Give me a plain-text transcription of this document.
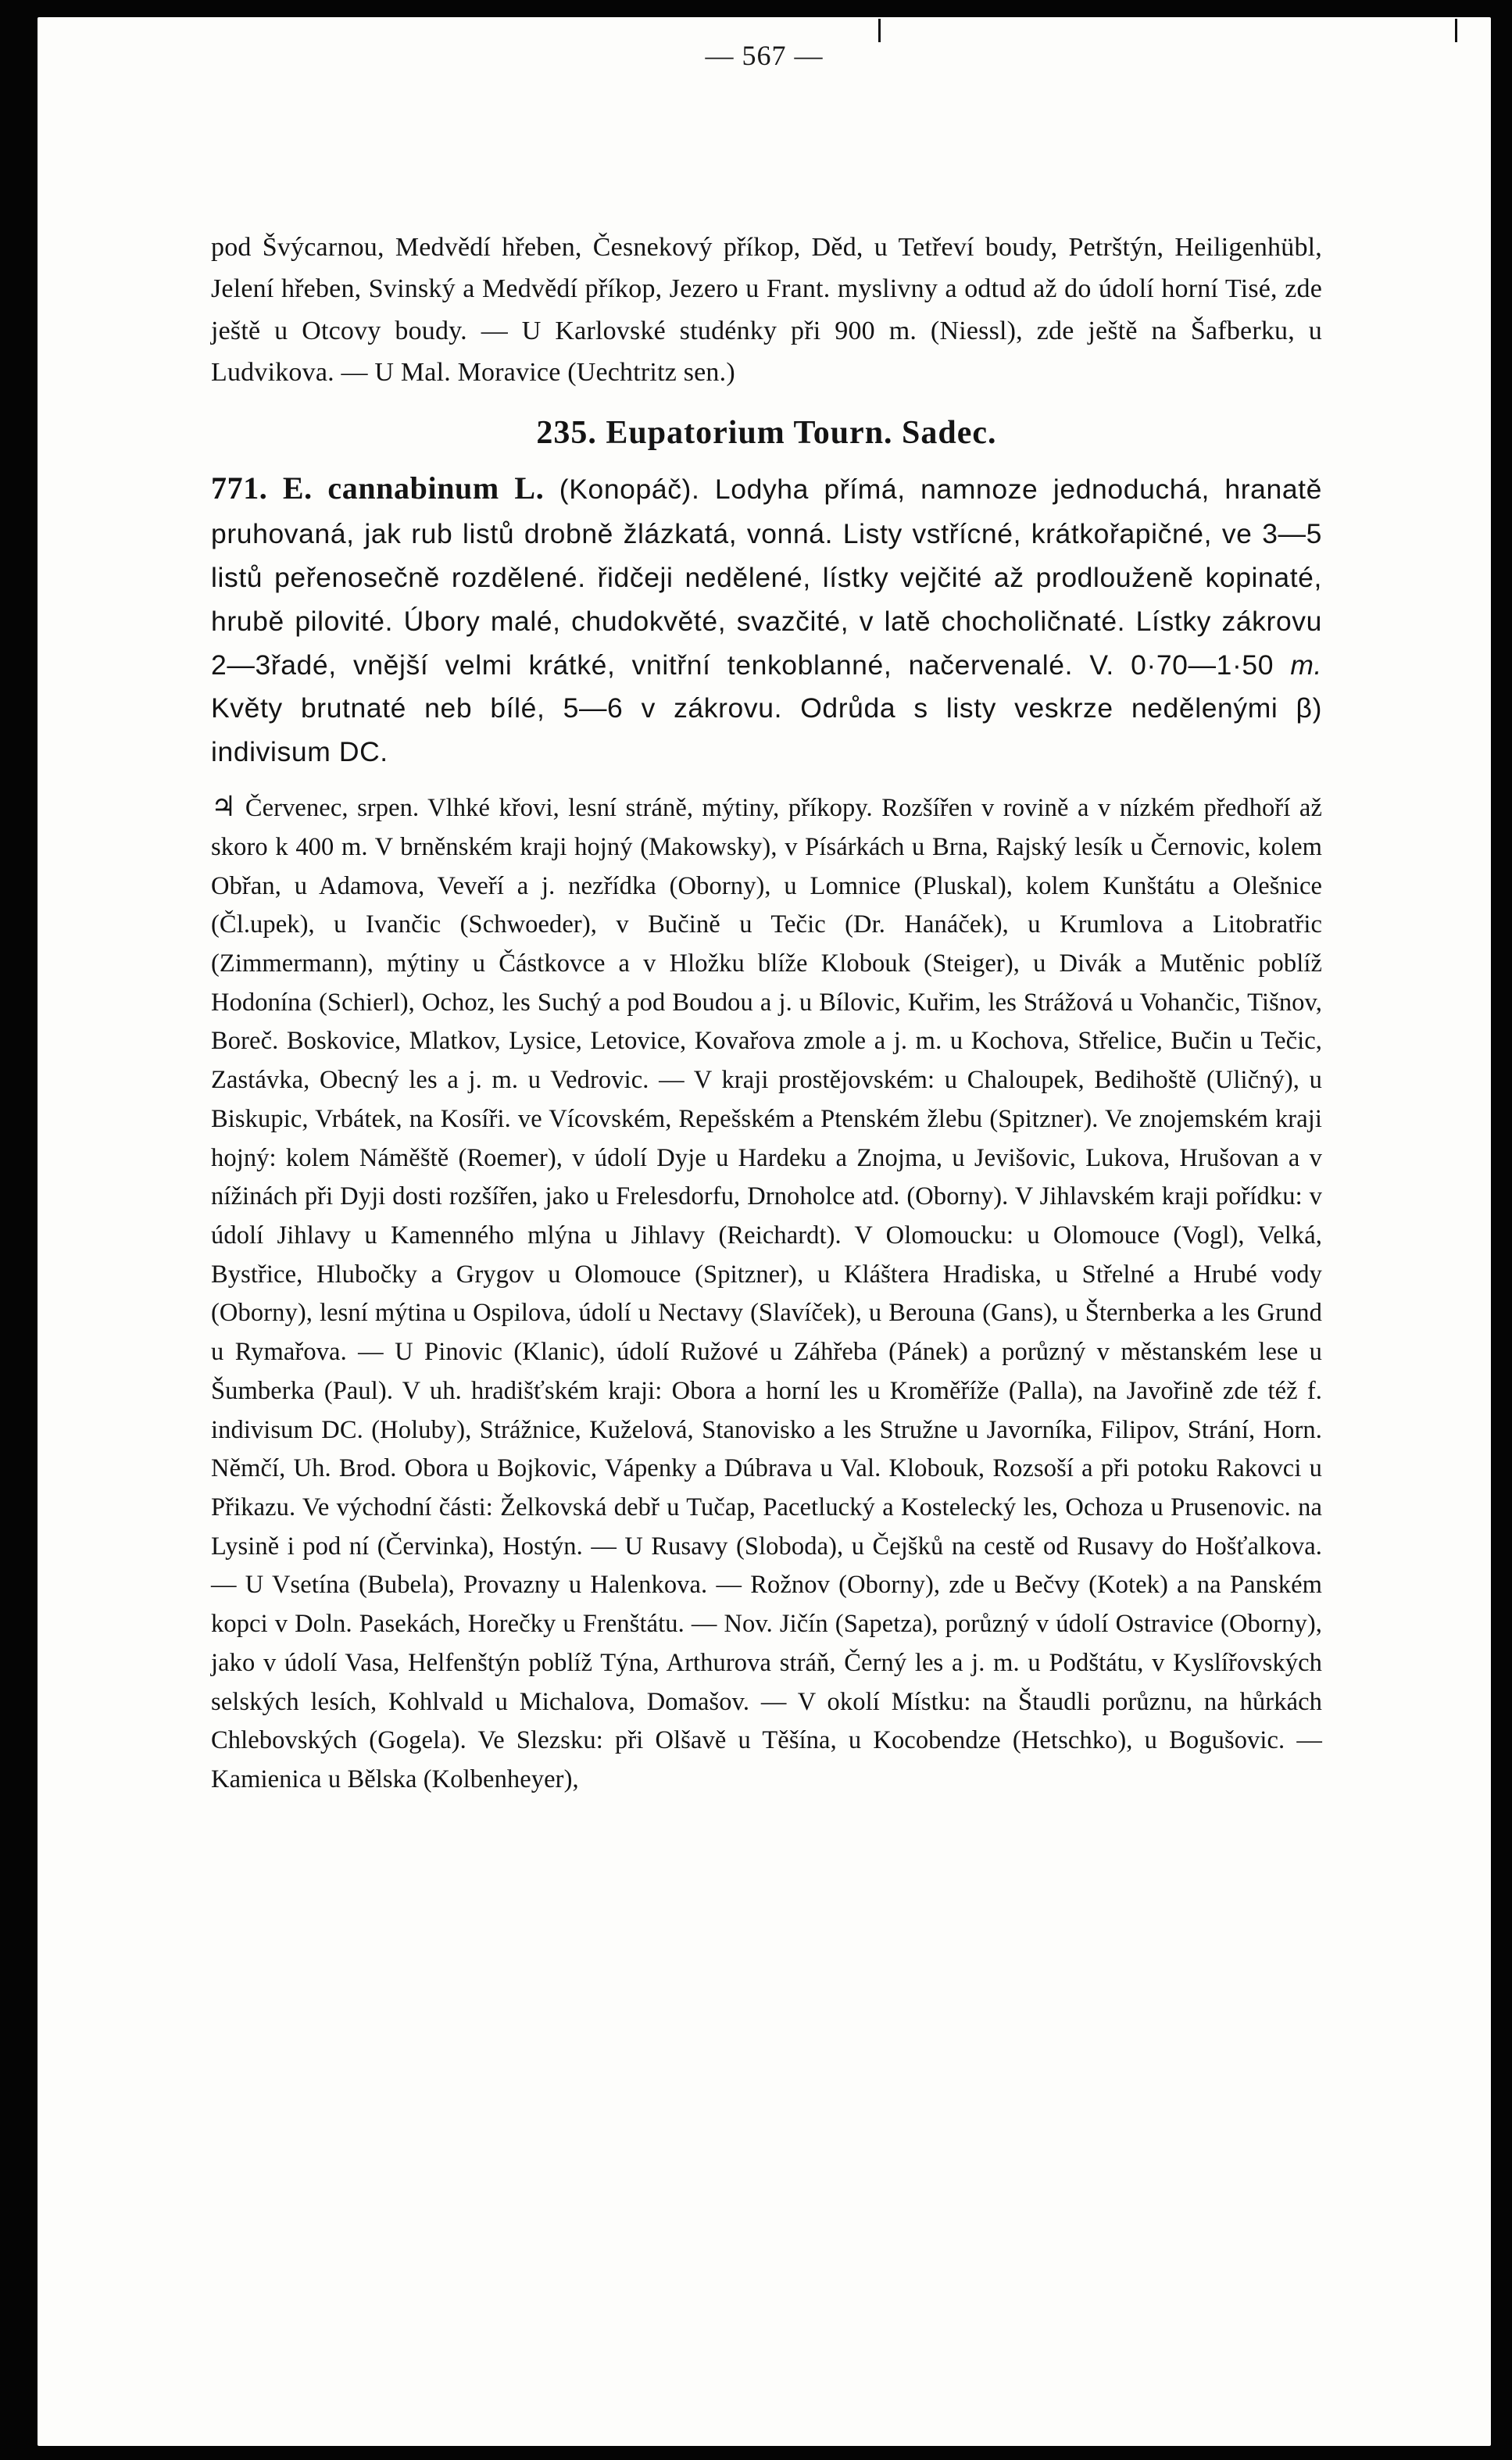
— 567 —

pod Švýcarnou, Medvědí hřeben, Česnekový příkop, Děd, u Tetřeví boudy, Petrštýn, Heiligenhübl, Jelení hřeben, Svinský a Medvědí příkop, Jezero u Frant. myslivny a odtud až do údolí horní Tisé, zde ještě u Otcovy boudy. — U Karlovské studénky při 900 m. (Niessl), zde ještě na Šafberku, u Ludvikova. — U Mal. Moravice (Uechtritz sen.)

235. Eupatorium Tourn. Sadec.

771. E. cannabinum L. (Konopáč). Lodyha přímá, namnoze jednoduchá, hranatě pruhovaná, jak rub listů drobně žlázkatá, vonná. Listy vstřícné, krátkořapičné, ve 3—5 listů peřenosečně rozdělené. řidčeji nedělené, lístky vejčité až prodlouženě kopinaté, hrubě pilovité. Úbory malé, chudokvěté, svazčité, v latě chocholičnaté. Lístky zákrovu 2—3řadé, vnější velmi krátké, vnitřní tenkoblanné, načervenalé. V. 0·70—1·50 m. Květy brutnaté neb bílé, 5—6 v zákrovu. Odrůda s listy veskrze nedělenými β) indivisum DC.

♃ Červenec, srpen. Vlhké křovi, lesní stráně, mýtiny, příkopy. Rozšířen v rovině a v nízkém předhoří až skoro k 400 m. V brněnském kraji hojný (Makowsky), v Písárkách u Brna, Rajský lesík u Černovic, kolem Obřan, u Adamova, Veveří a j. nezřídka (Oborny), u Lomnice (Pluskal), kolem Kunštátu a Olešnice (Čl.upek), u Ivančic (Schwoeder), v Bučině u Tečic (Dr. Hanáček), u Krumlova a Litobratřic (Zimmermann), mýtiny u Částkovce a v Hložku blíže Klobouk (Steiger), u Divák a Mutěnic poblíž Hodonína (Schierl), Ochoz, les Suchý a pod Boudou a j. u Bílovic, Kuřim, les Strážová u Vohančic, Tišnov, Boreč. Boskovice, Mlatkov, Lysice, Letovice, Kovařova zmole a j. m. u Kochova, Střelice, Bučin u Tečic, Zastávka, Obecný les a j. m. u Vedrovic. — V kraji prostějovském: u Chaloupek, Bedihoště (Uličný), u Biskupic, Vrbátek, na Kosíři. ve Vícovském, Repešském a Ptenském žlebu (Spitzner). Ve znojemském kraji hojný: kolem Náměště (Roemer), v údolí Dyje u Hardeku a Znojma, u Jevišovic, Lukova, Hrušovan a v nížinách při Dyji dosti rozšířen, jako u Frelesdorfu, Drnoholce atd. (Oborny). V Jihlavském kraji pořídku: v údolí Jihlavy u Kamenného mlýna u Jihlavy (Reichardt). V Olomoucku: u Olomouce (Vogl), Velká, Bystřice, Hlubočky a Grygov u Olomouce (Spitzner), u Kláštera Hradiska, u Střelné a Hrubé vody (Oborny), lesní mýtina u Ospilova, údolí u Nectavy (Slavíček), u Berouna (Gans), u Šternberka a les Grund u Rymařova. — U Pinovic (Klanic), údolí Ružové u Záhřeba (Pánek) a porůzný v městanském lese u Šumberka (Paul). V uh. hradišťském kraji: Obora a horní les u Kroměříže (Palla), na Javořině zde též f. indivisum DC. (Holuby), Strážnice, Kuželová, Stanovisko a les Stružne u Javorníka, Filipov, Strání, Horn. Němčí, Uh. Brod. Obora u Bojkovic, Vápenky a Dúbrava u Val. Klobouk, Rozsoší a při potoku Rakovci u Přikazu. Ve východní části: Želkovská debř u Tučap, Pacetlucký a Kostelecký les, Ochoza u Prusenovic. na Lysině i pod ní (Červinka), Hostýn. — U Rusavy (Sloboda), u Čejšků na cestě od Rusavy do Hošťalkova. — U Vsetína (Bubela), Provazny u Halenkova. — Rožnov (Oborny), zde u Bečvy (Kotek) a na Panském kopci v Doln. Pasekách, Horečky u Frenštátu. — Nov. Jičín (Sapetza), porůzný v údolí Ostravice (Oborny), jako v údolí Vasa, Helfenštýn poblíž Týna, Arthurova stráň, Černý les a j. m. u Podštátu, v Kyslířovských selských lesích, Kohlvald u Michalova, Domašov. — V okolí Místku: na Štaudli porůznu, na hůrkách Chlebovských (Gogela). Ve Slezsku: při Olšavě u Těšína, u Kocobendze (Hetschko), u Bogušovic. — Kamienica u Bělska (Kolbenheyer),
